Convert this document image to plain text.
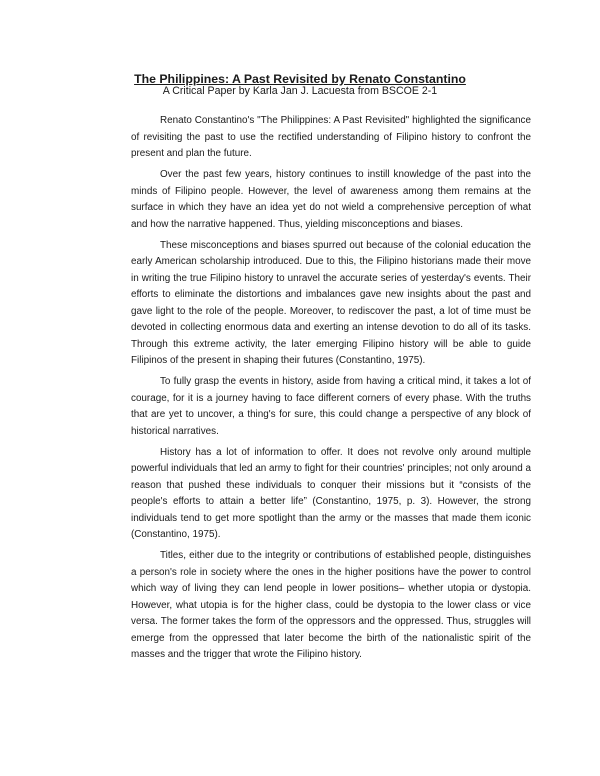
The Philippines: A Past Revisited by Renato Constantino
A Critical Paper by Karla Jan J. Lacuesta from BSCOE 2-1

Renato Constantino's "The Philippines: A Past Revisited" highlighted the significance of revisiting the past to use the rectified understanding of Filipino history to confront the present and plan the future.

Over the past few years, history continues to instill knowledge of the past into the minds of Filipino people. However, the level of awareness among them remains at the surface in which they have an idea yet do not wield a comprehensive perception of what and how the narrative happened. Thus, yielding misconceptions and biases.

These misconceptions and biases spurred out because of the colonial education the early American scholarship introduced. Due to this, the Filipino historians made their move in writing the true Filipino history to unravel the accurate series of yesterday's events. Their efforts to eliminate the distortions and imbalances gave new insights about the past and gave light to the role of the people. Moreover, to rediscover the past, a lot of time must be devoted in collecting enormous data and exerting an intense devotion to do all of its tasks. Through this extreme activity, the later emerging Filipino history will be able to guide Filipinos of the present in shaping their futures (Constantino, 1975).

To fully grasp the events in history, aside from having a critical mind, it takes a lot of courage, for it is a journey having to face different corners of every phase. With the truths that are yet to uncover, a thing's for sure, this could change a perspective of any block of historical narratives.

History has a lot of information to offer. It does not revolve only around multiple powerful individuals that led an army to fight for their countries' principles; not only around a reason that pushed these individuals to conquer their missions but it “consists of the people's efforts to attain a better life” (Constantino, 1975, p. 3). However, the strong individuals tend to get more spotlight than the army or the masses that made them iconic (Constantino, 1975).

Titles, either due to the integrity or contributions of established people, distinguishes a person's role in society where the ones in the higher positions have the power to control which way of living they can lend people in lower positions– whether utopia or dystopia. However, what utopia is for the higher class, could be dystopia to the lower class or vice versa. The former takes the form of the oppressors and the oppressed. Thus, struggles will emerge from the oppressed that later become the birth of the nationalistic spirit of the masses and the trigger that wrote the Filipino history.
